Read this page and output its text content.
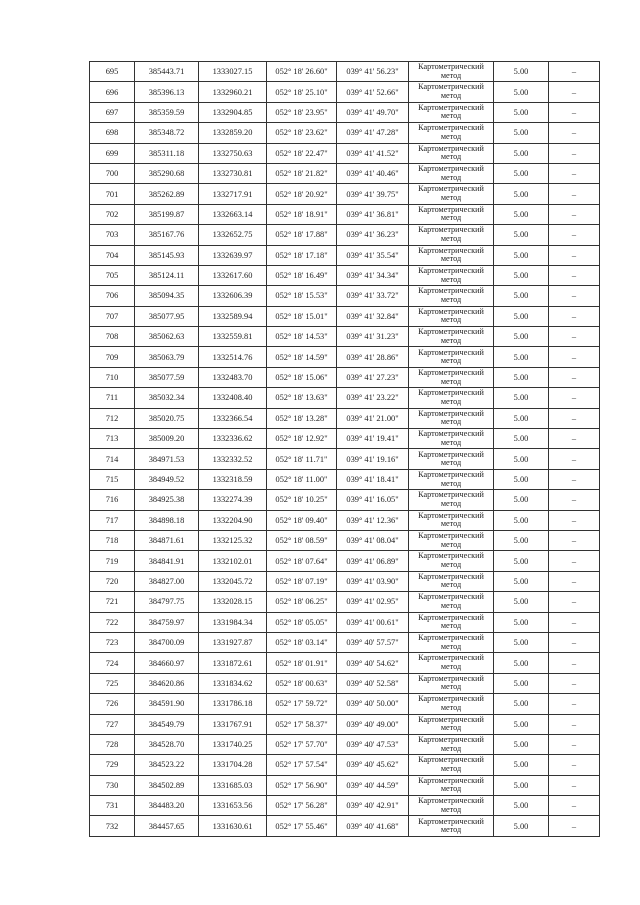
695	385443.71	1333027.15	052° 18' 26.60"	039° 41' 56.23"	Картометрический метод	5.00	–
696	385396.13	1332960.21	052° 18' 25.10"	039° 41' 52.66"	Картометрический метод	5.00	–
697	385359.59	1332904.85	052° 18' 23.95"	039° 41' 49.70"	Картометрический метод	5.00	–
698	385348.72	1332859.20	052° 18' 23.62"	039° 41' 47.28"	Картометрический метод	5.00	–
699	385311.18	1332750.63	052° 18' 22.47"	039° 41' 41.52"	Картометрический метод	5.00	–
700	385290.68	1332730.81	052° 18' 21.82"	039° 41' 40.46"	Картометрический метод	5.00	–
701	385262.89	1332717.91	052° 18' 20.92"	039° 41' 39.75"	Картометрический метод	5.00	–
702	385199.87	1332663.14	052° 18' 18.91"	039° 41' 36.81"	Картометрический метод	5.00	–
703	385167.76	1332652.75	052° 18' 17.88"	039° 41' 36.23"	Картометрический метод	5.00	–
704	385145.93	1332639.97	052° 18' 17.18"	039° 41' 35.54"	Картометрический метод	5.00	–
705	385124.11	1332617.60	052° 18' 16.49"	039° 41' 34.34"	Картометрический метод	5.00	–
706	385094.35	1332606.39	052° 18' 15.53"	039° 41' 33.72"	Картометрический метод	5.00	–
707	385077.95	1332589.94	052° 18' 15.01"	039° 41' 32.84"	Картометрический метод	5.00	–
708	385062.63	1332559.81	052° 18' 14.53"	039° 41' 31.23"	Картометрический метод	5.00	–
709	385063.79	1332514.76	052° 18' 14.59"	039° 41' 28.86"	Картометрический метод	5.00	–
710	385077.59	1332483.70	052° 18' 15.06"	039° 41' 27.23"	Картометрический метод	5.00	–
711	385032.34	1332408.40	052° 18' 13.63"	039° 41' 23.22"	Картометрический метод	5.00	–
712	385020.75	1332366.54	052° 18' 13.28"	039° 41' 21.00"	Картометрический метод	5.00	–
713	385009.20	1332336.62	052° 18' 12.92"	039° 41' 19.41"	Картометрический метод	5.00	–
714	384971.53	1332332.52	052° 18' 11.71"	039° 41' 19.16"	Картометрический метод	5.00	–
715	384949.52	1332318.59	052° 18' 11.00"	039° 41' 18.41"	Картометрический метод	5.00	–
716	384925.38	1332274.39	052° 18' 10.25"	039° 41' 16.05"	Картометрический метод	5.00	–
717	384898.18	1332204.90	052° 18' 09.40"	039° 41' 12.36"	Картометрический метод	5.00	–
718	384871.61	1332125.32	052° 18' 08.59"	039° 41' 08.04"	Картометрический метод	5.00	–
719	384841.91	1332102.01	052° 18' 07.64"	039° 41' 06.89"	Картометрический метод	5.00	–
720	384827.00	1332045.72	052° 18' 07.19"	039° 41' 03.90"	Картометрический метод	5.00	–
721	384797.75	1332028.15	052° 18' 06.25"	039° 41' 02.95"	Картометрический метод	5.00	–
722	384759.97	1331984.34	052° 18' 05.05"	039° 41' 00.61"	Картометрический метод	5.00	–
723	384700.09	1331927.87	052° 18' 03.14"	039° 40' 57.57"	Картометрический метод	5.00	–
724	384660.97	1331872.61	052° 18' 01.91"	039° 40' 54.62"	Картометрический метод	5.00	–
725	384620.86	1331834.62	052° 18' 00.63"	039° 40' 52.58"	Картометрический метод	5.00	–
726	384591.90	1331786.18	052° 17' 59.72"	039° 40' 50.00"	Картометрический метод	5.00	–
727	384549.79	1331767.91	052° 17' 58.37"	039° 40' 49.00"	Картометрический метод	5.00	–
728	384528.70	1331740.25	052° 17' 57.70"	039° 40' 47.53"	Картометрический метод	5.00	–
729	384523.22	1331704.28	052° 17' 57.54"	039° 40' 45.62"	Картометрический метод	5.00	–
730	384502.89	1331685.03	052° 17' 56.90"	039° 40' 44.59"	Картометрический метод	5.00	–
731	384483.20	1331653.56	052° 17' 56.28"	039° 40' 42.91"	Картометрический метод	5.00	–
732	384457.65	1331630.61	052° 17' 55.46"	039° 40' 41.68"	Картометрический метод	5.00	–
